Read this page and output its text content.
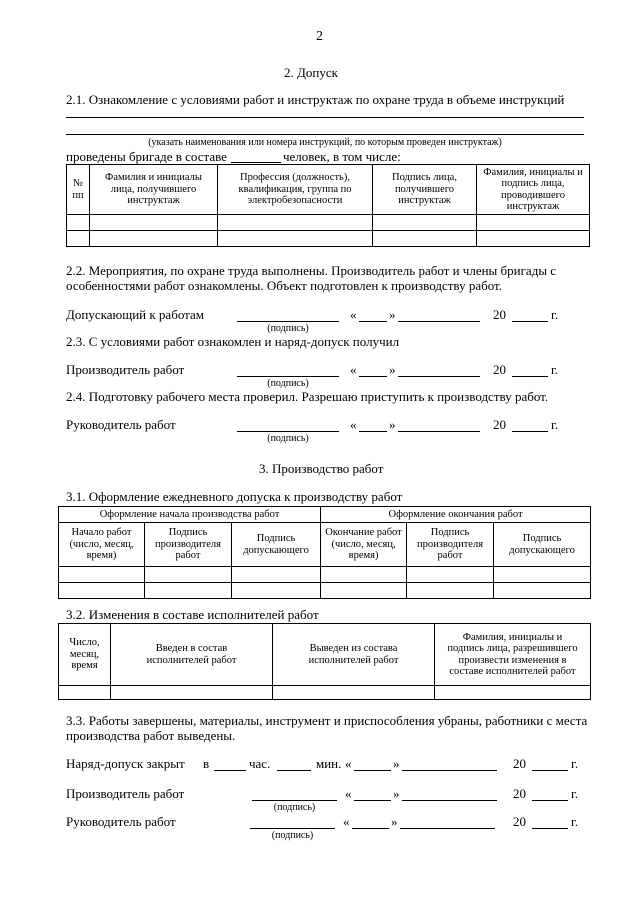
2
2. Допуск
2.1. Ознакомление с условиями работ и инструктаж по охране труда в объеме инструкций
(указать наименования или номера инструкций, по которым проведен инструктаж)
проведены бригаде в составе	человек, в том числе:
№ пп	Фамилия и инициалы лица, получившего инструктаж	Профессия (должность), квалификация, группа по электробезопасности	Подпись лица, получившего инструктаж	Фамилия, инициалы и подпись лица, проводившего инструктаж

2.2. Мероприятия, по охране труда выполнены. Производитель работ и члены бригады с
особенностями работ ознакомлены. Объект подготовлен к производству работ.
Допускающий к работам
(подпись)
«	»	20	г.
2.3. С условиями работ ознакомлен и наряд-допуск получил
Производитель работ
(подпись)
«	»	20	г.
2.4. Подготовку рабочего места проверил. Разрешаю приступить к производству работ.
Руководитель работ
(подпись)
«	»	20	г.
3. Производство работ
3.1. Оформление ежедневного допуска к производству работ
Оформление начала производства работ			Оформление окончания работ		
Начало работ (число, месяц, время)	Подпись производителя работ	Подпись допускающего	Окончание работ (число, месяц, время)	Подпись производителя работ	Подпись допускающего

3.2. Изменения в составе исполнителей работ
Число, месяц, время	Введен в состав исполнителей работ	Выведен из состава исполнителей работ	Фамилия, инициалы и подпись лица, разрешившего произвести изменения в составе исполнителей работ

3.3. Работы завершены, материалы, инструмент и приспособления убраны, работники с места
производства работ выведены.
Наряд-допуск закрыт в	час.	мин. «	»	20	г.
Производитель работ
(подпись)
«	»	20	г.
Руководитель работ
(подпись)
«	»	20	г.
